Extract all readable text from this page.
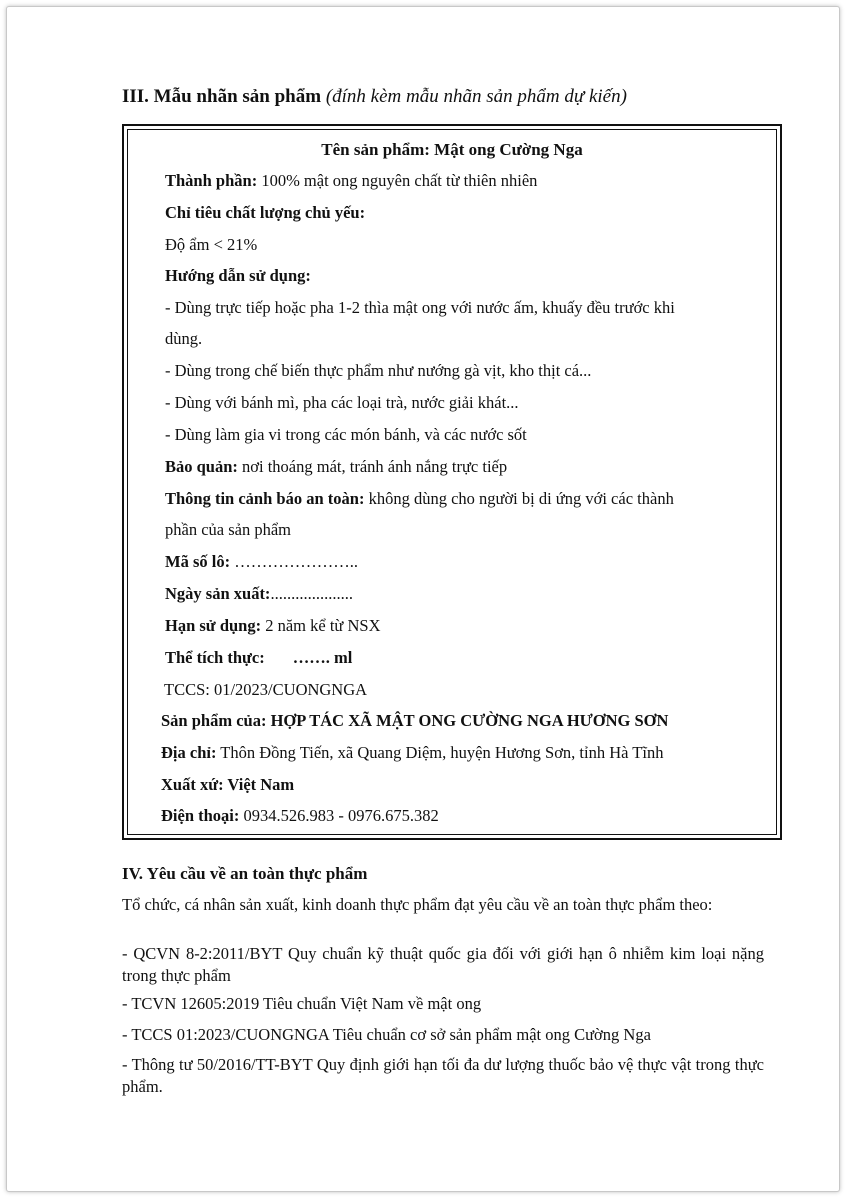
III. Mẫu nhãn sản phẩm (đính kèm mẫu nhãn sản phẩm dự kiến)
Tên sản phẩm: Mật ong Cường Nga
Thành phần: 100% mật ong nguyên chất từ thiên nhiên
Chỉ tiêu chất lượng chủ yếu:
Độ ẩm < 21%
Hướng dẫn sử dụng:
- Dùng trực tiếp hoặc pha 1-2 thìa mật ong với nước ấm, khuấy đều trước khi
dùng.
- Dùng trong chế biến thực phẩm như nướng gà vịt, kho thịt cá...
- Dùng với bánh mì, pha các loại trà, nước giải khát...
- Dùng làm gia vi trong các món bánh, và các nước sốt
Bảo quản: nơi thoáng mát, tránh ánh nắng trực tiếp
Thông tin cảnh báo an toàn: không dùng cho người bị di ứng với các thành
phần của sản phẩm
Mã số lô: …………………..
Ngày sản xuất:....................
Hạn sử dụng: 2 năm kể từ NSX
Thể tích thực: ……. ml
TCCS: 01/2023/CUONGNGA
Sản phẩm của: HỢP TÁC XÃ MẬT ONG CƯỜNG NGA HƯƠNG SƠN
Địa chỉ: Thôn Đồng Tiến, xã Quang Diệm, huyện Hương Sơn, tỉnh Hà Tĩnh
Xuất xứ: Việt Nam
Điện thoại: 0934.526.983 - 0976.675.382
IV. Yêu cầu về an toàn thực phẩm
Tổ chức, cá nhân sản xuất, kinh doanh thực phẩm đạt yêu cầu về an toàn thực phẩm theo:
- QCVN 8-2:2011/BYT Quy chuẩn kỹ thuật quốc gia đối với giới hạn ô nhiễm kim loại nặng trong thực phẩm
- TCVN 12605:2019 Tiêu chuẩn Việt Nam về mật ong
- TCCS 01:2023/CUONGNGA Tiêu chuẩn cơ sở sản phẩm mật ong Cường Nga
- Thông tư 50/2016/TT-BYT Quy định giới hạn tối đa dư lượng thuốc bảo vệ thực vật trong thực phẩm.
